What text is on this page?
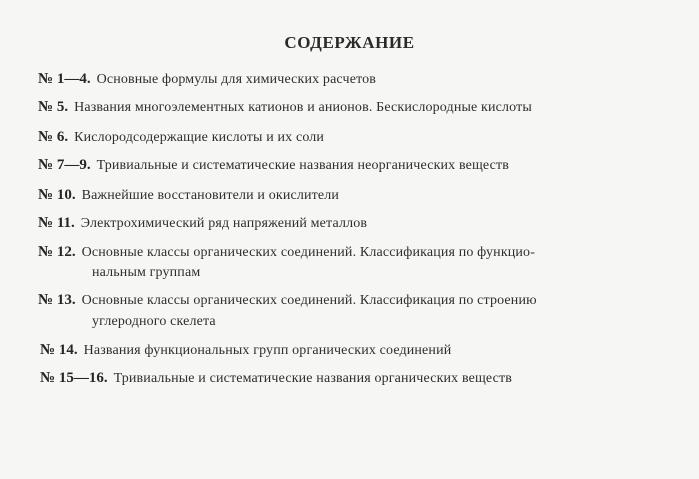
СОДЕРЖАНИЕ
№ 1—4. Основные формулы для химических расчетов
№ 5. Названия многоэлементных катионов и анионов. Бескислородные кислоты
№ 6. Кислородсодержащие кислоты и их соли
№ 7—9. Тривиальные и систематические названия неорганических веществ
№ 10. Важнейшие восстановители и окислители
№ 11. Электрохимический ряд напряжений металлов
№ 12. Основные классы органических соединений. Классификация по функцио-
нальным группам
№ 13. Основные классы органических соединений. Классификация по строению
углеродного скелета
№ 14. Названия функциональных групп органических соединений
№ 15—16. Тривиальные и систематические названия органических веществ
